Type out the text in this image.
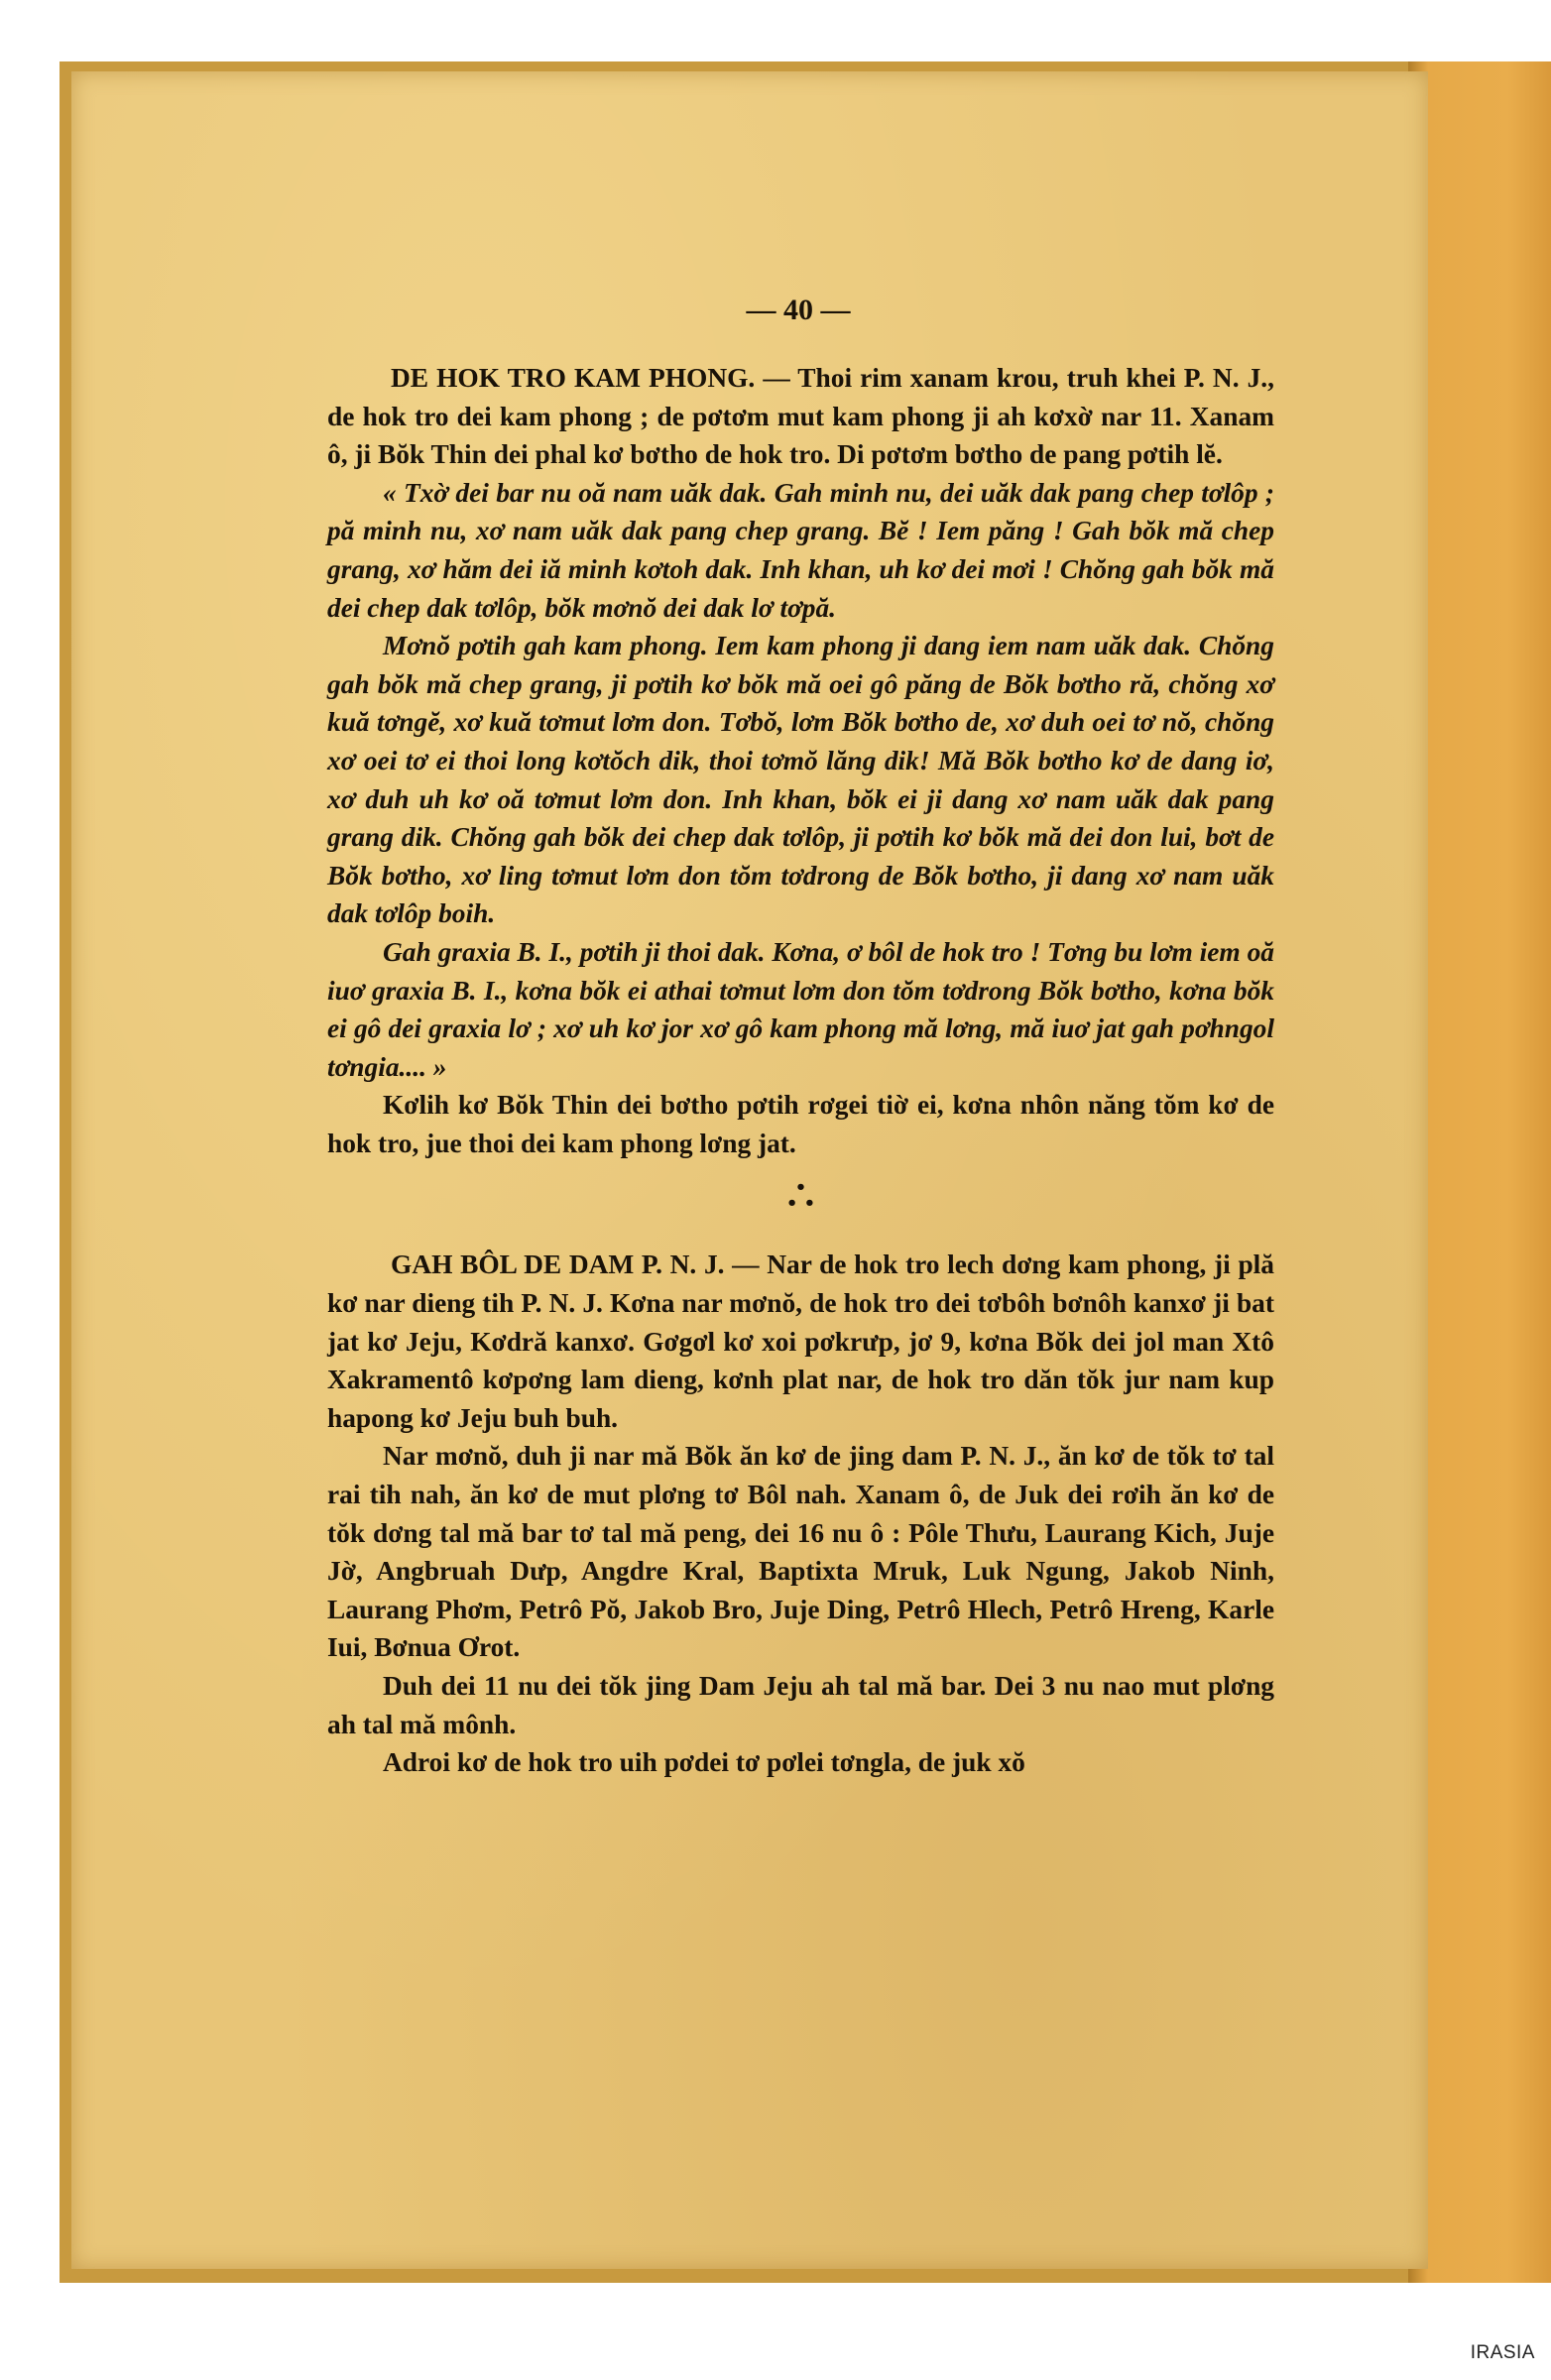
— 40 —

DE HOK TRO KAM PHONG. — Thoi rim xanam krou, truh khei P. N. J., de hok tro dei kam phong ; de pơtơm mut kam phong ji ah kơxờ nar 11. Xanam ô, ji Bŏk Thin dei phal kơ bơtho de hok tro. Di pơtơm bơtho de pang pơtih lĕ.

« Txờ dei bar nu oă nam uăk dak. Gah minh nu, dei uăk dak pang chep tơlôp ; pă minh nu, xơ nam uăk dak pang chep grang. Bĕ ! Iem păng ! Gah bŏk mă chep grang, xơ hăm dei iă minh kơtoh dak. Inh khan, uh kơ dei mơi ! Chŏng gah bŏk mă dei chep dak tơlôp, bŏk mơnŏ dei dak lơ tơpă.

Mơnŏ pơtih gah kam phong. Iem kam phong ji dang iem nam uăk dak. Chŏng gah bŏk mă chep grang, ji pơtih kơ bŏk mă oei gô păng de Bŏk bơtho ră, chŏng xơ kuă tơngĕ, xơ kuă tơmut lơm don. Tơbŏ, lơm Bŏk bơtho de, xơ duh oei tơ nŏ, chŏng xơ oei tơ ei thoi long kơtŏch dik, thoi tơmŏ lăng dik! Mă Bŏk bơtho kơ de dang iơ, xơ duh uh kơ oă tơmut lơm don. Inh khan, bŏk ei ji dang xơ nam uăk dak pang grang dik. Chŏng gah bŏk dei chep dak tơlôp, ji pơtih kơ bŏk mă dei don lui, bơt de Bŏk bơtho, xơ ling tơmut lơm don tŏm tơdrong de Bŏk bơtho, ji dang xơ nam uăk dak tơlôp boih.

Gah graxia B. I., pơtih ji thoi dak. Kơna, ơ bôl de hok tro ! Tơng bu lơm iem oă iuơ graxia B. I., kơna bŏk ei athai tơmut lơm don tŏm tơdrong Bŏk bơtho, kơna bŏk ei gô dei graxia lơ ; xơ uh kơ jor xơ gô kam phong mă lơng, mă iuơ jat gah pơhngol tơngia.... »

Kơlih kơ Bŏk Thin dei bơtho pơtih rơgei tiờ ei, kơna nhôn năng tŏm kơ de hok tro, jue thoi dei kam phong lơng jat.

•
• •

GAH BÔL DE DAM P. N. J. — Nar de hok tro lech dơng kam phong, ji plă kơ nar dieng tih P. N. J. Kơna nar mơnŏ, de hok tro dei tơbôh bơnôh kanxơ ji bat jat kơ Jeju, Kơdră kanxơ. Gơgơl kơ xoi pơkrưp, jơ 9, kơna Bŏk dei jol man Xtô Xakramentô kơpơng lam dieng, kơnh plat nar, de hok tro dăn tŏk jur nam kup hapong kơ Jeju buh buh.

Nar mơnŏ, duh ji nar mă Bŏk ăn kơ de jing dam P. N. J., ăn kơ de tŏk tơ tal rai tih nah, ăn kơ de mut plơng tơ Bôl nah. Xanam ô, de Juk dei rơih ăn kơ de tŏk dơng tal mă bar tơ tal mă peng, dei 16 nu ô : Pôle Thưu, Laurang Kich, Juje Jờ, Angbruah Dưp, Angdre Kral, Baptixta Mruk, Luk Ngung, Jakob Ninh, Laurang Phơm, Petrô Pŏ, Jakob Bro, Juje Ding, Petrô Hlech, Petrô Hreng, Karle Iui, Bơnua Ơrot.

Duh dei 11 nu dei tŏk jing Dam Jeju ah tal mă bar. Dei 3 nu nao mut plơng ah tal mă mônh.

Adroi kơ de hok tro uih pơdei tơ pơlei tơngla, de juk xŏ

IRASIA
